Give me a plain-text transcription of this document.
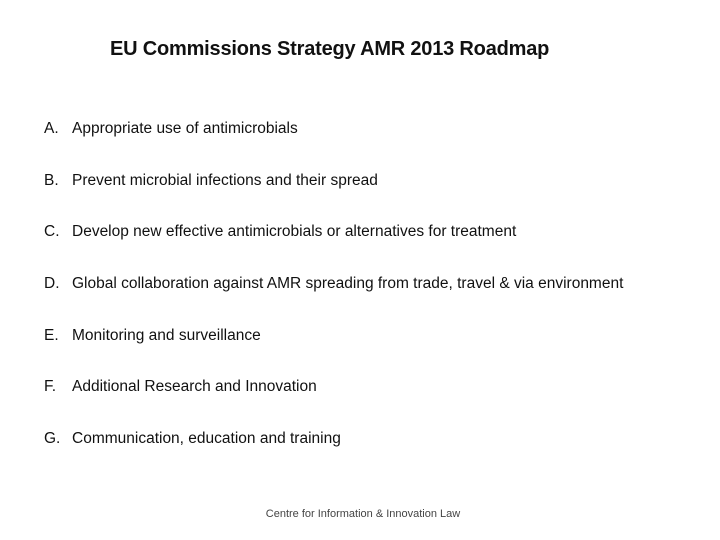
EU Commissions Strategy AMR 2013 Roadmap
A. Appropriate use of antimicrobials
B. Prevent microbial infections and their spread
C. Develop new effective antimicrobials or alternatives for treatment
D. Global collaboration against AMR spreading from trade, travel & via environment
E. Monitoring and surveillance
F.	Additional Research and Innovation
G. Communication, education and training
Centre for Information & Innovation Law
